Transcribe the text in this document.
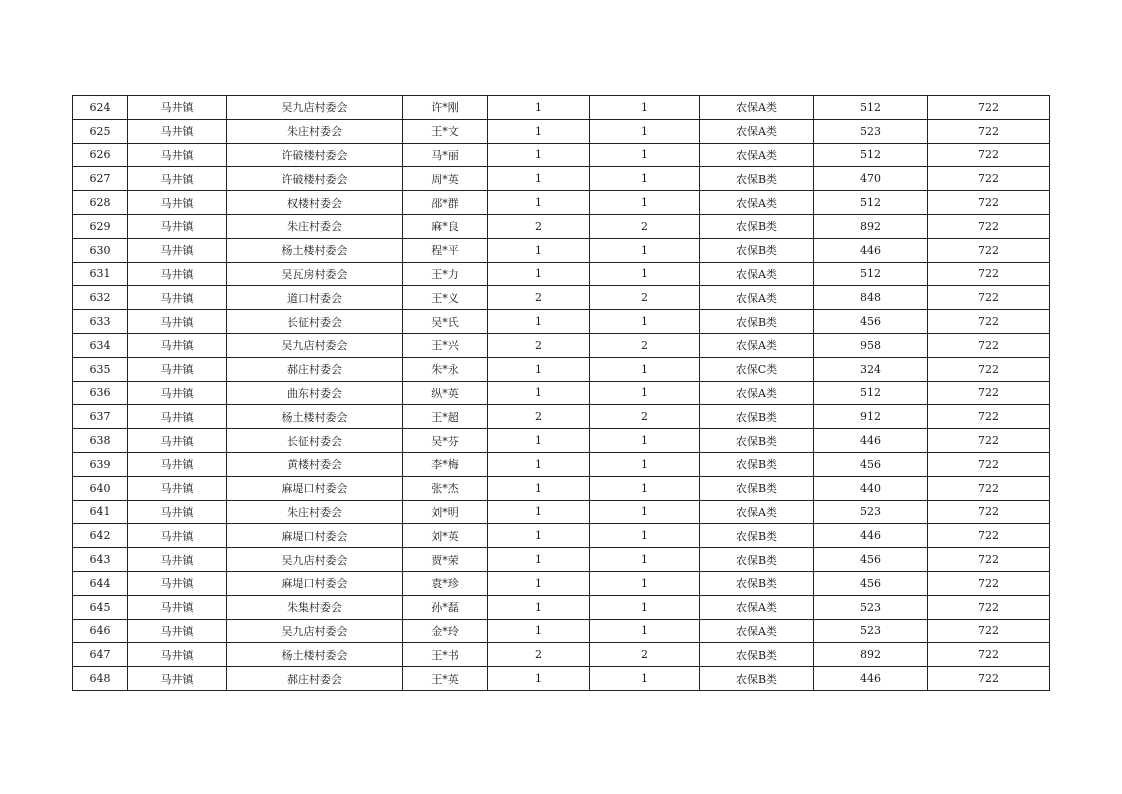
624	马井镇	吴九店村委会	许*刚	1	1	农保A类	512	722
625	马井镇	朱庄村委会	王*文	1	1	农保A类	523	722
626	马井镇	许破楼村委会	马*丽	1	1	农保A类	512	722
627	马井镇	许破楼村委会	周*英	1	1	农保B类	470	722
628	马井镇	权楼村委会	邵*群	1	1	农保A类	512	722
629	马井镇	朱庄村委会	麻*良	2	2	农保B类	892	722
630	马井镇	杨土楼村委会	程*平	1	1	农保B类	446	722
631	马井镇	吴瓦房村委会	王*力	1	1	农保A类	512	722
632	马井镇	道口村委会	王*义	2	2	农保A类	848	722
633	马井镇	长征村委会	吴*氏	1	1	农保B类	456	722
634	马井镇	吴九店村委会	王*兴	2	2	农保A类	958	722
635	马井镇	郝庄村委会	朱*永	1	1	农保C类	324	722
636	马井镇	曲东村委会	纵*英	1	1	农保A类	512	722
637	马井镇	杨土楼村委会	王*超	2	2	农保B类	912	722
638	马井镇	长征村委会	吴*芬	1	1	农保B类	446	722
639	马井镇	黄楼村委会	李*梅	1	1	农保B类	456	722
640	马井镇	麻堤口村委会	张*杰	1	1	农保B类	440	722
641	马井镇	朱庄村委会	刘*明	1	1	农保A类	523	722
642	马井镇	麻堤口村委会	刘*英	1	1	农保B类	446	722
643	马井镇	吴九店村委会	贾*荣	1	1	农保B类	456	722
644	马井镇	麻堤口村委会	袁*珍	1	1	农保B类	456	722
645	马井镇	朱集村委会	孙*磊	1	1	农保A类	523	722
646	马井镇	吴九店村委会	金*玲	1	1	农保A类	523	722
647	马井镇	杨土楼村委会	王*书	2	2	农保B类	892	722
648	马井镇	郝庄村委会	王*英	1	1	农保B类	446	722
